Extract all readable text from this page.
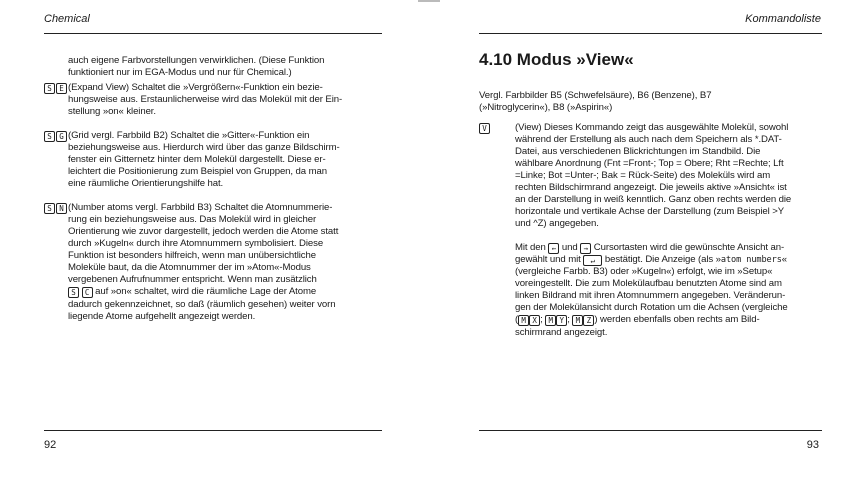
Chemical
auch eigene Farbvorstellungen verwirklichen. (Diese Funktion
funktioniert nur im EGA-Modus und nur für Chemical.)
S E (Expand View) Schaltet die »Vergrößern«-Funktion ein bezie-
hungsweise aus. Erstaunlicherweise wird das Molekül mit der Ein-
stellung »on« kleiner.
S G (Grid vergl. Farbbild B2) Schaltet die »Gitter«-Funktion ein
beziehungsweise aus. Hierdurch wird über das ganze Bildschirm-
fenster ein Gitternetz hinter dem Molekül dargestellt. Diese er-
leichtert die Positionierung zum Beispiel von Gruppen, da man
eine räumliche Orientierungshilfe hat.
S N (Number atoms vergl. Farbbild B3) Schaltet die Atomnummerie-
rung ein beziehungsweise aus. Das Molekül wird in gleicher
Orientierung wie zuvor dargestellt, jedoch werden die Atome statt
durch »Kugeln« durch ihre Atomnummern symbolisiert. Diese
Funktion ist besonders hilfreich, wenn man unübersichtliche
Moleküle baut, da die Atomnummer der im »Atom«-Modus
vergebenen Aufrufnummer entspricht. Wenn man zusätzlich
S C auf »on« schaltet, wird die räumliche Lage der Atome
dadurch gekennzeichnet, so daß (räumlich gesehen) weiter vorn
liegende Atome aufgehellt angezeigt werden.
92
Kommandoliste
4.10 Modus »View«
Vergl. Farbbilder B5 (Schwefelsäure), B6 (Benzene), B7
(»Nitroglycerin«), B8 (»Aspirin«)
V	(View) Dieses Kommando zeigt das ausgewählte Molekül, sowohl
während der Erstellung als auch nach dem Speichern als *.DAT-
Datei, aus verschiedenen Blickrichtungen im Standbild. Die
wählbare Anordnung (Fnt =Front-; Top = Obere; Rht =Rechte; Lft
=Linke; Bot =Unter-; Bak = Rück-Seite) des Moleküls wird am
rechten Bildschirmrand angezeigt. Die jeweils aktive »Ansicht« ist
an der Darstellung in weiß kenntlich. Ganz oben rechts werden die
horizontale und vertikale Achse der Darstellung (zum Beispiel >Y
und ^Z) angegeben.
Mit den ← und → Cursortasten wird die gewünschte Ansicht an-
gewählt und mit ↵ bestätigt. Die Anzeige (als »atom numbers«
(vergleiche Farbb. B3) oder »Kugeln«) erfolgt, wie im »Setup«
voreingestellt. Die zum Molekülaufbau benutzten Atome sind am
linken Bildrand mit ihren Atomnummern angegeben. Veränderun-
gen der Molekülansicht durch Rotation um die Achsen (vergleiche
( M X ; M Y ; M Z ) werden ebenfalls oben rechts am Bild-
schirmrand angezeigt.
93
